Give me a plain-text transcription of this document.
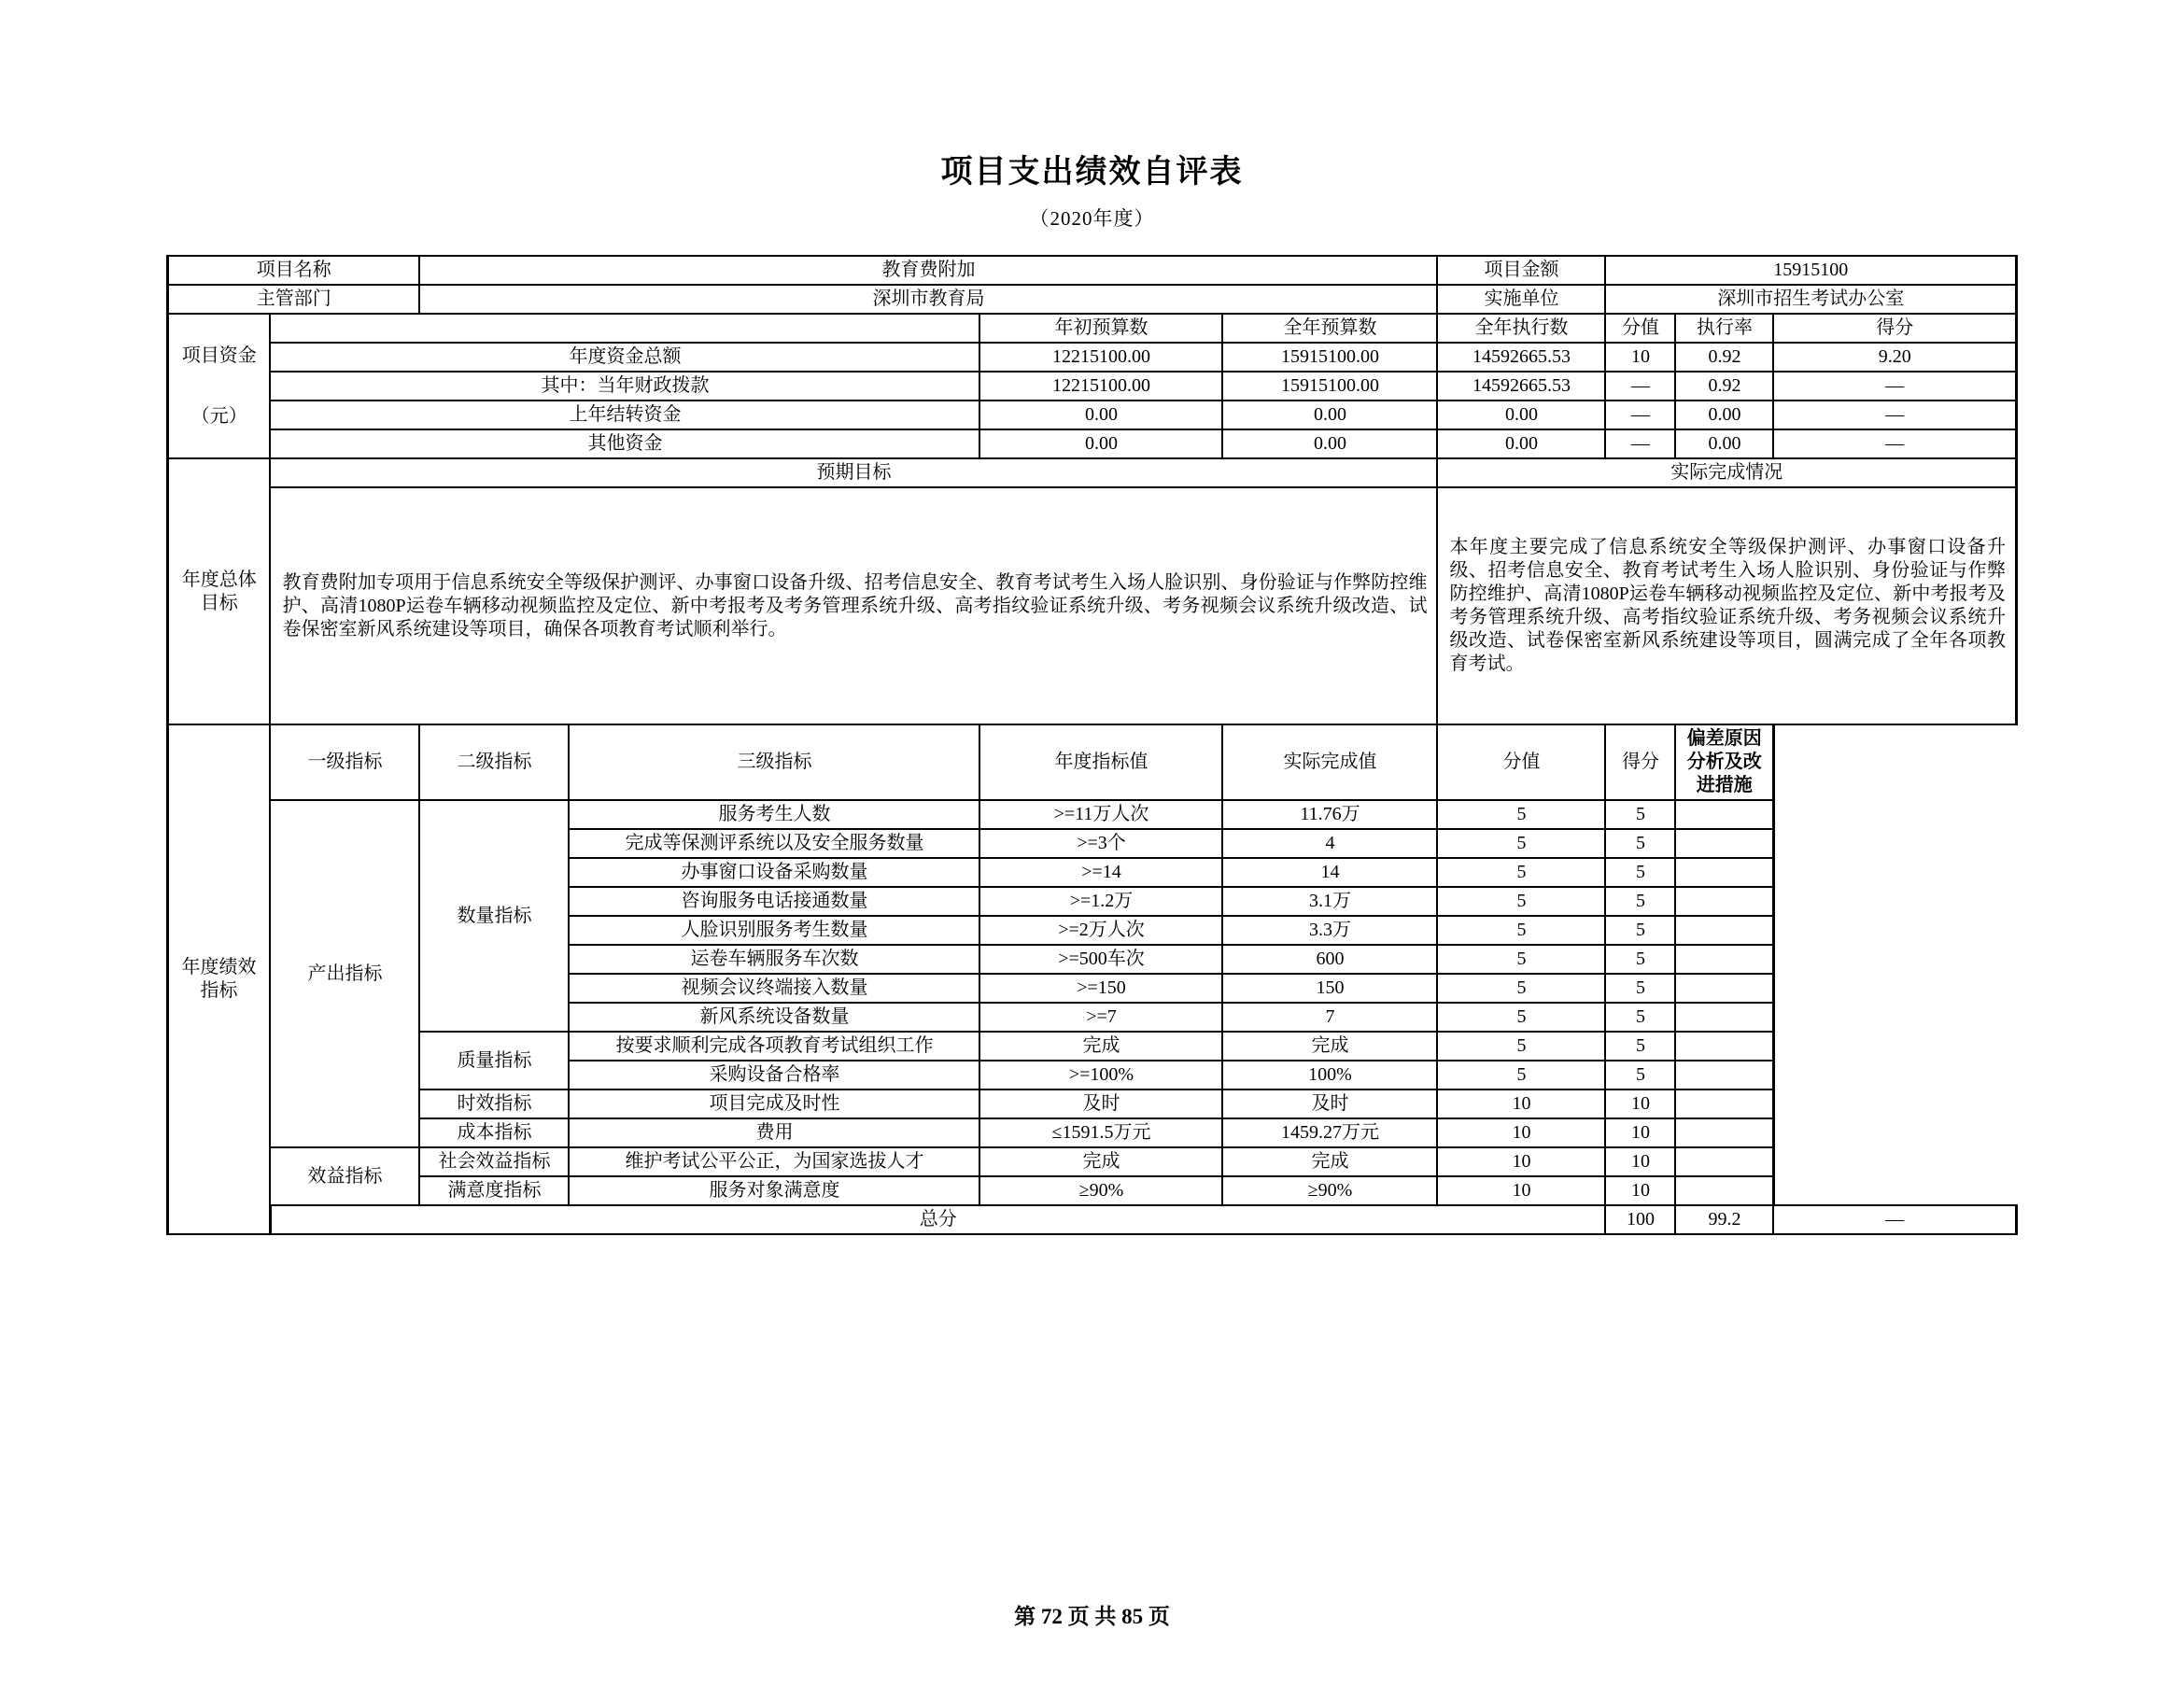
项目支出绩效自评表
（2020年度）
项目名称		教育费附加				项目金额	15915100		
主管部门		深圳市教育局				实施单位	深圳市招生考试办公室		

项目资金
（元）				年初预算数	全年预算数	全年执行数	分值	执行率	得分
	年度资金总额			12215100.00	15915100.00	14592665.53	10	0.92	9.20
	其中：当年财政拨款			12215100.00	15915100.00	14592665.53	—	0.92	—
	上年结转资金			0.00	0.00	0.00	—	0.00	—
	其他资金			0.00	0.00	0.00	—	0.00	—
年度总体
目标	预期目标					实际完成情况			

	教育费附加专项用于信息系统安全等级保护测评、办事窗口设备升级、招考信息安全、教育考试考生入场人脸识别、身份验证与作弊防控维护、高清1080P运卷车辆移动视频监控及定位、新中考报考及考务管理系统升级、高考指纹验证系统升级、考务视频会议系统升级改造、试卷保密室新风系统建设等项目，确保各项教育考试顺利举行。					本年度主要完成了信息系统安全等级保护测评、办事窗口设备升级、招考信息安全、教育考试考生入场人脸识别、身份验证与作弊防控维护、高清1080P运卷车辆移动视频监控及定位、新中考报考及考务管理系统升级、高考指纹验证系统升级、考务视频会议系统升级改造、试卷保密室新风系统建设等项目，圆满完成了全年各项教育考试。			

年度绩效
指标	一级指标	二级指标	三级指标	年度指标值	实际完成值	分值	得分	偏差原因分析及改进措施	
	产出指标	数量指标	服务考生人数	>=11万人次	11.76万	5	5		
			完成等保测评系统以及安全服务数量	>=3个	4	5	5		
			办事窗口设备采购数量	>=14	14	5	5		
			咨询服务电话接通数量	>=1.2万	3.1万	5	5		
			人脸识别服务考生数量	>=2万人次	3.3万	5	5		
			运卷车辆服务车次数	>=500车次	600	5	5		
			视频会议终端接入数量	>=150	150	5	5		
			新风系统设备数量	>=7	7	5	5		
		质量指标	按要求顺利完成各项教育考试组织工作	完成	完成	5	5		
			采购设备合格率	>=100%	100%	5	5		
		时效指标	项目完成及时性	及时	及时	10	10		
		成本指标	费用	≤1591.5万元	1459.27万元	10	10		
	效益指标	社会效益指标	维护考试公平公正，为国家选拔人才	完成	完成	10	10		
		满意度指标	服务对象满意度	≥90%	≥90%	10	10		
	总分						100	99.2	—
第 72 页 共 85 页
